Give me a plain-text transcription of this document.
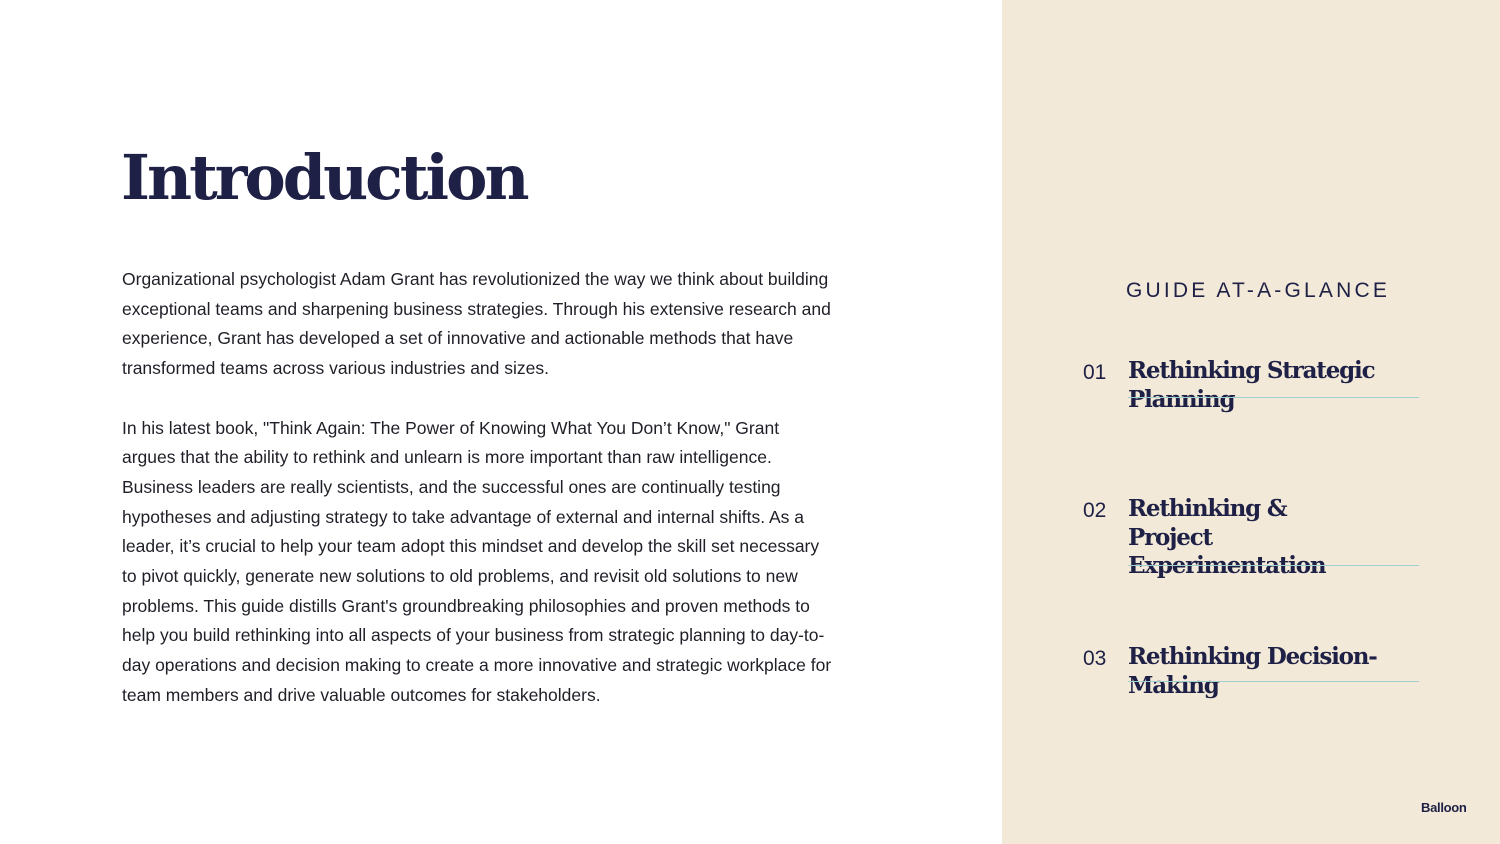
Introduction

Organizational psychologist Adam Grant has revolutionized the way we think about building exceptional teams and sharpening business strategies. Through his extensive research and experience, Grant has developed a set of innovative and actionable methods that have transformed teams across various industries and sizes.

In his latest book, "Think Again: The Power of Knowing What You Don’t Know," Grant argues that the ability to rethink and unlearn is more important than raw intelligence. Business leaders are really scientists, and the successful ones are continually testing hypotheses and adjusting strategy to take advantage of external and internal shifts. As a leader, it’s crucial to help your team adopt this mindset and develop the skill set necessary to pivot quickly, generate new solutions to old problems, and revisit old solutions to new problems. This guide distills Grant's groundbreaking philosophies and proven methods to help you build rethinking into all aspects of your business from strategic planning to day-to-day operations and decision making to create a more innovative and strategic workplace for team members and drive valuable outcomes for stakeholders.

GUIDE AT-A-GLANCE
01 Rethinking Strategic Planning
02 Rethinking & Project Experimentation
03 Rethinking Decision-Making
Balloon
